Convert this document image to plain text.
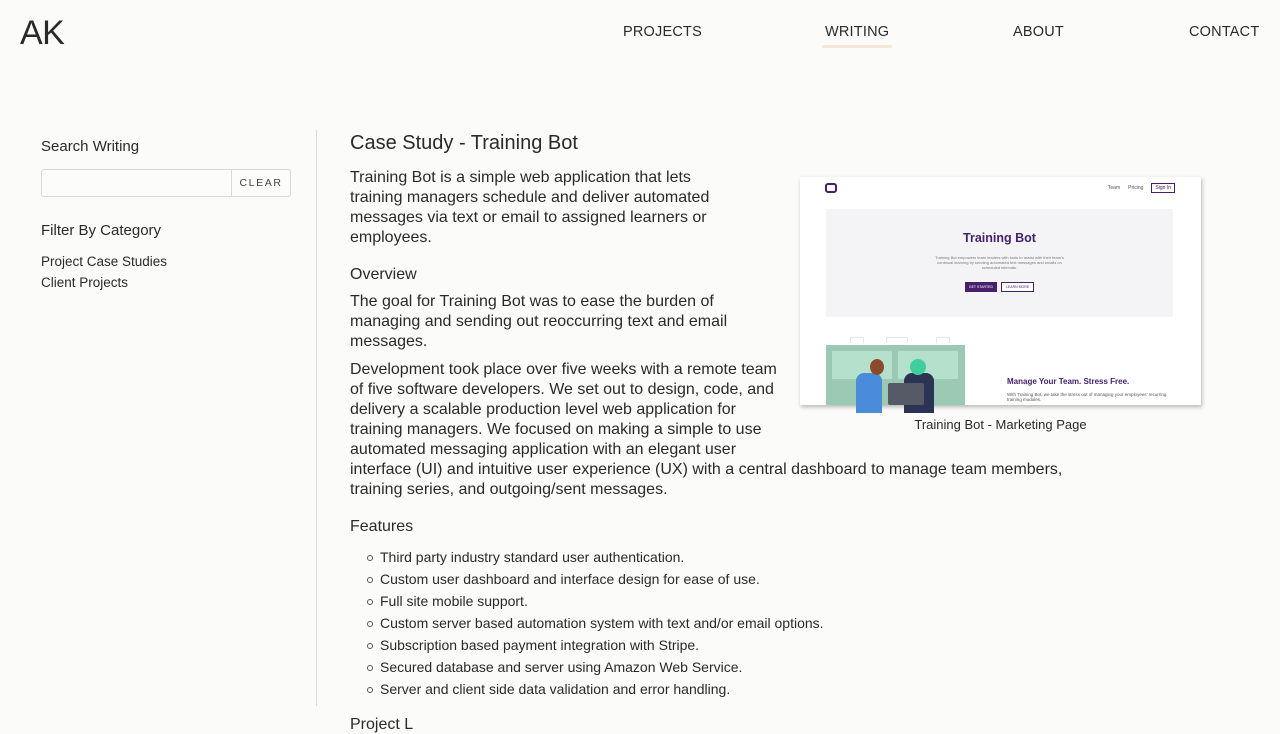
AK	PROJECTS	WRITING	ABOUT	CONTACT
Search Writing
CLEAR
Filter By Category
Project Case Studies
Client Projects
Case Study - Training Bot
Team Pricing	Sign In
Training Bot
Training Bot empowers team leaders with tools to assist with their team's continual learning by sending automated text messages and emails on scheduled intervals.
GET STARTED	LEARN MORE
Manage Your Team. Stress Free.
With Training Bot, we take the stress out of managing your employees' recurring training modules.
Training Bot - Marketing Page

Training Bot is a simple web application that lets training managers schedule and deliver automated messages via text or email to assigned learners or employees.

Overview

The goal for Training Bot was to ease the burden of managing and sending out reoccurring text and email messages.

Development took place over five weeks with a remote team of five software developers. We set out to design, code, and delivery a scalable production level web application for training managers. We focused on making a simple to use automated messaging application with an elegant user interface (UI) and intuitive user experience (UX) with a central dashboard to manage team members, training series, and outgoing/sent messages.

Features
Third party industry standard user authentication.
Custom user dashboard and interface design for ease of use.
Full site mobile support.
Custom server based automation system with text and/or email options.
Subscription based payment integration with Stripe.
Secured database and server using Amazon Web Service.
Server and client side data validation and error handling.
Project L
